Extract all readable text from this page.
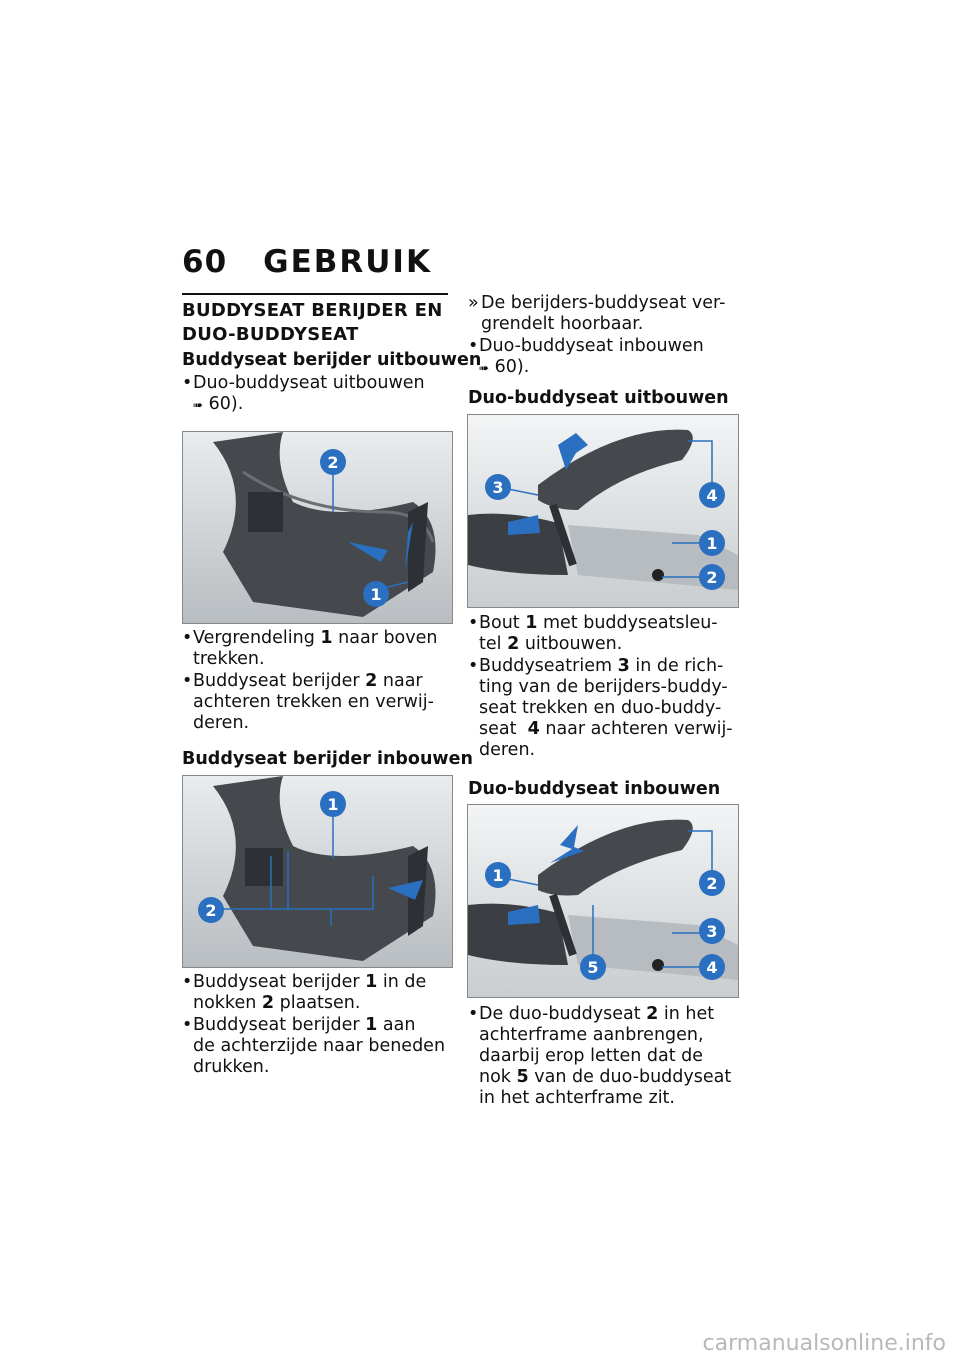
60 GEBRUIK
BUDDYSEAT BERIJDER EN
DUO-BUDDYSEAT
Buddyseat berijder uitbouwen
• Duo-buddyseat uitbouwen
➠ 60).
2
1
• Vergrendeling 1 naar boven
trekken.
• Buddyseat berijder 2 naar
achteren trekken en verwij-
deren.
Buddyseat berijder inbouwen
1
2
• Buddyseat berijder 1 in de
nokken 2 plaatsen.
• Buddyseat berijder 1 aan
de achterzijde naar beneden
drukken.
» De berijders-buddyseat ver-
grendelt hoorbaar.
• Duo-buddyseat inbouwen
➠ 60).
Duo-buddyseat uitbouwen
3	4
1
2
• Bout 1 met buddyseatsleu-
tel 2 uitbouwen.
• Buddyseatriem 3 in de rich-
ting van de berijders-buddy-
seat trekken en duo-buddy-
seat  4 naar achteren verwij-
deren.
Duo-buddyseat inbouwen
1	2
3
4
5
• De duo-buddyseat 2 in het
achterframe aanbrengen,
daarbij erop letten dat de
nok 5 van de duo-buddyseat
in het achterframe zit.
carmanualsonline.info
